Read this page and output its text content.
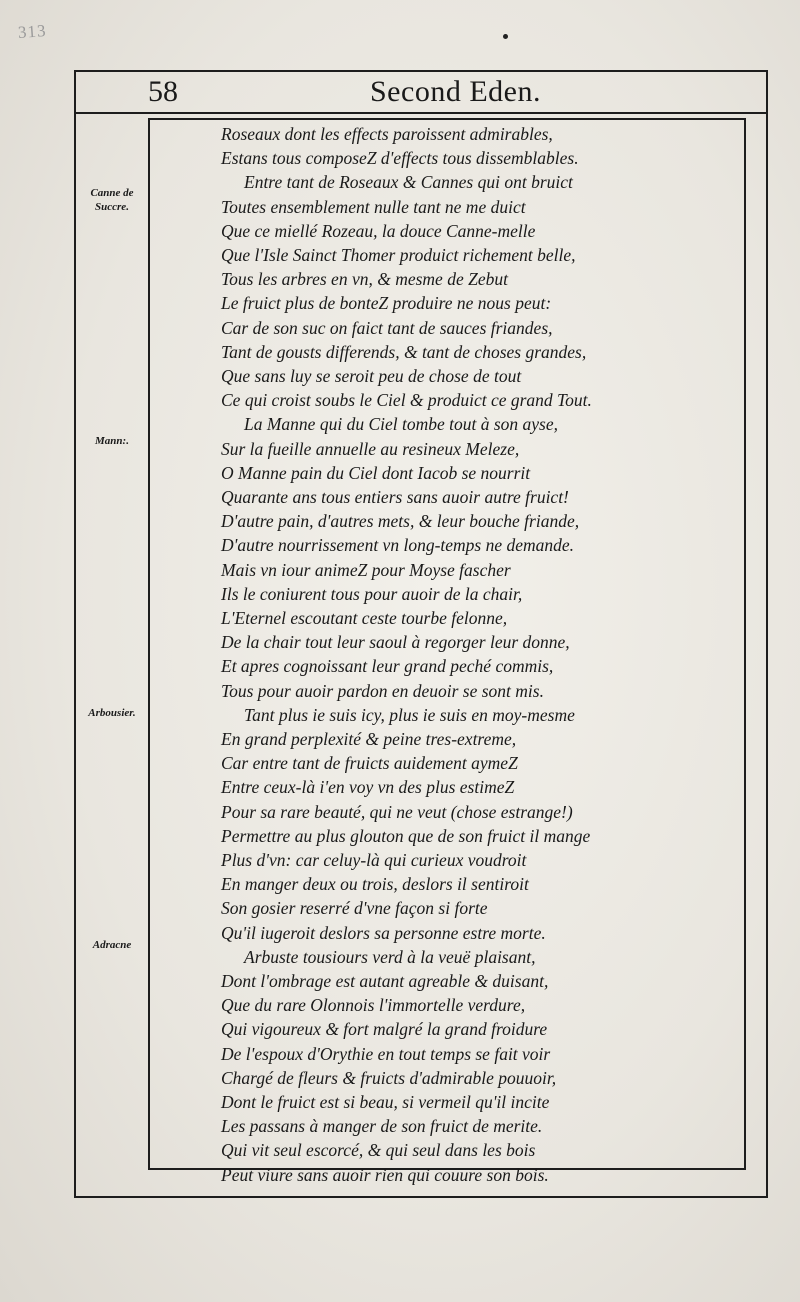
313
58	Second Eden.
Canne de
Succre.
Mann:.
Arbousier.
Adracne
Roseaux dont les effects paroissent admirables,
Estans tous composeZ d'effects tous dissemblables.
Entre tant de Roseaux & Cannes qui ont bruict
Toutes ensemblement nulle tant ne me duict
Que ce miellé Rozeau, la douce Canne-melle
Que l'Isle Sainct Thomer produict richement belle,
Tous les arbres en vn, & mesme de Zebut
Le fruict plus de bonteZ produire ne nous peut:
Car de son suc on faict tant de sauces friandes,
Tant de gousts differends, & tant de choses grandes,
Que sans luy se seroit peu de chose de tout
Ce qui croist soubs le Ciel & produict ce grand Tout.
La Manne qui du Ciel tombe tout à son ayse,
Sur la fueille annuelle au resineux Meleze,
O Manne pain du Ciel dont Iacob se nourrit
Quarante ans tous entiers sans auoir autre fruict!
D'autre pain, d'autres mets, & leur bouche friande,
D'autre nourrissement vn long-temps ne demande.
Mais vn iour animeZ pour Moyse fascher
Ils le coniurent tous pour auoir de la chair,
L'Eternel escoutant ceste tourbe felonne,
De la chair tout leur saoul à regorger leur donne,
Et apres cognoissant leur grand peché commis,
Tous pour auoir pardon en deuoir se sont mis.
Tant plus ie suis icy, plus ie suis en moy-mesme
En grand perplexité & peine tres-extreme,
Car entre tant de fruicts auidement aymeZ
Entre ceux-là i'en voy vn des plus estimeZ
Pour sa rare beauté, qui ne veut (chose estrange!)
Permettre au plus glouton que de son fruict il mange
Plus d'vn: car celuy-là qui curieux voudroit
En manger deux ou trois, deslors il sentiroit
Son gosier reserré d'vne façon si forte
Qu'il iugeroit deslors sa personne estre morte.
Arbuste tousiours verd à la veuë plaisant,
Dont l'ombrage est autant agreable & duisant,
Que du rare Olonnois l'immortelle verdure,
Qui vigoureux & fort malgré la grand froidure
De l'espoux d'Orythie en tout temps se fait voir
Chargé de fleurs & fruicts d'admirable pouuoir,
Dont le fruict est si beau, si vermeil qu'il incite
Les passans à manger de son fruict de merite.
Qui vit seul escorcé, & qui seul dans les bois
Peut viure sans auoir rien qui couure son bois.
